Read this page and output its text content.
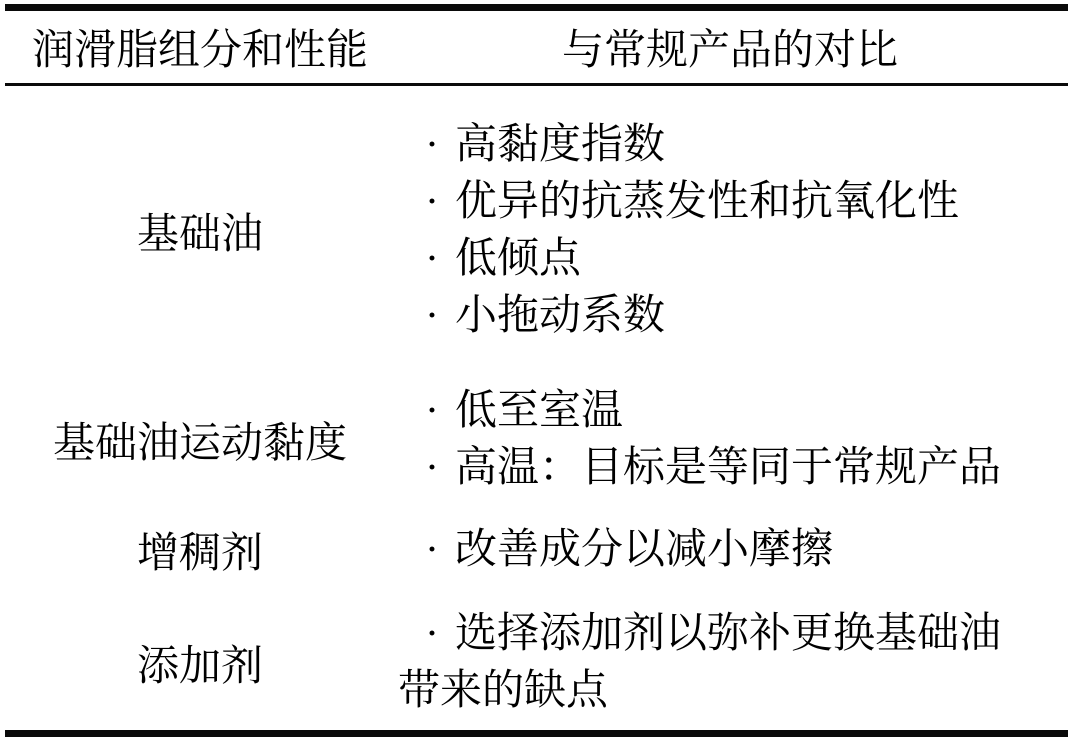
润滑脂组分和性能	与常规产品的对比
基础油
· 高黏度指数
· 优异的抗蒸发性和抗氧化性
· 低倾点
· 小拖动系数
基础油运动黏度
· 低至室温
· 高温：目标是等同于常规产品
增稠剂	· 改善成分以减小摩擦
添加剂
· 选择添加剂以弥补更换基础油
带来的缺点
